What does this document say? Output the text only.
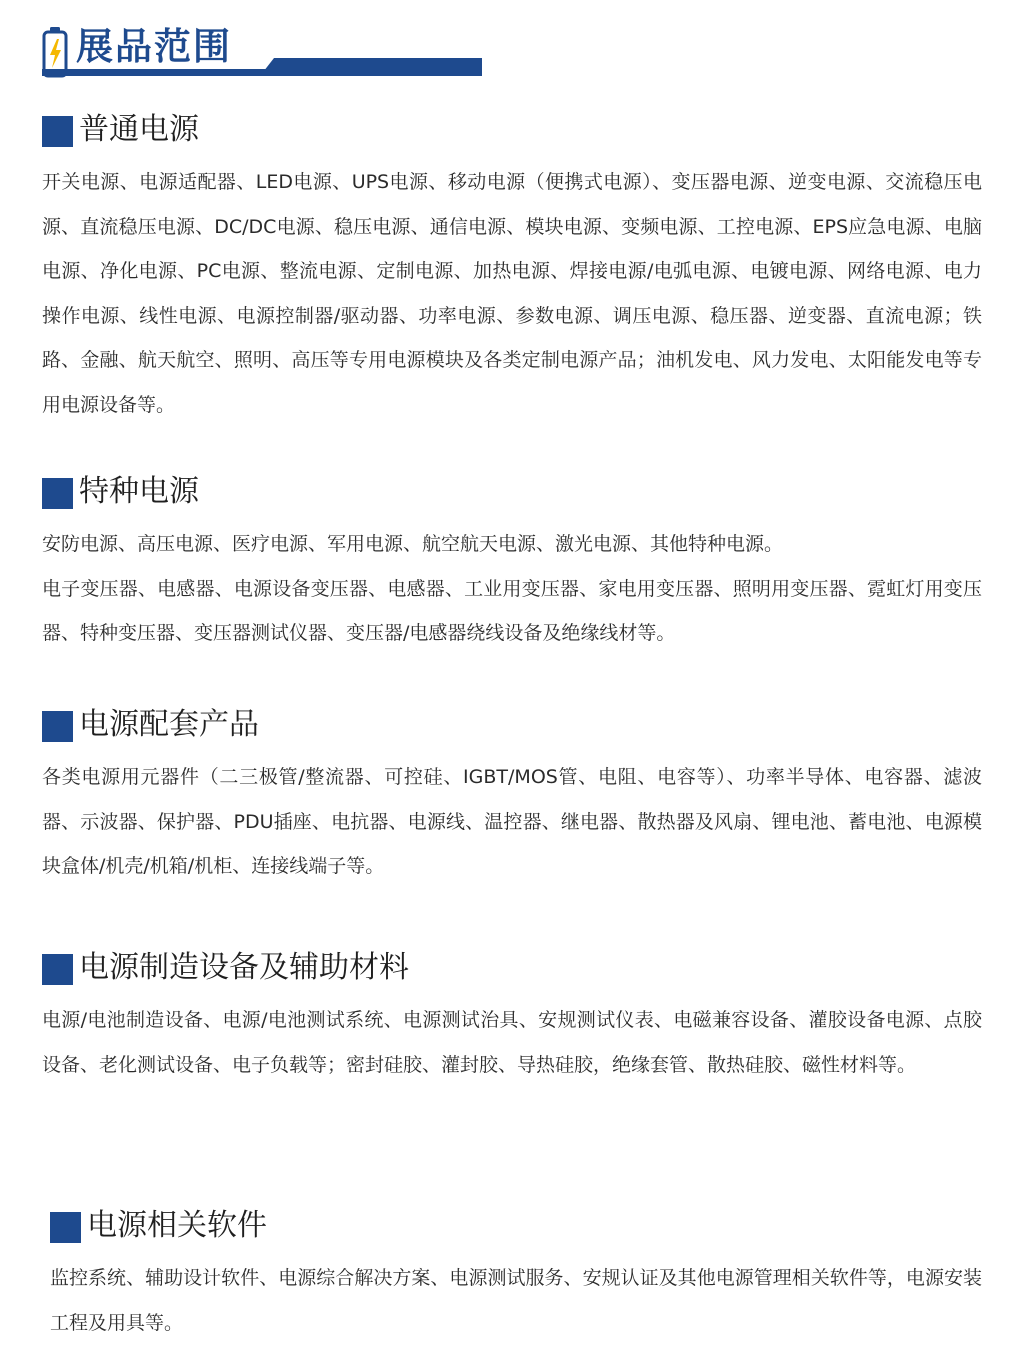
展品范围
普通电源

开关电源、电源适配器、LED电源、UPS电源、移动电源（便携式电源）、变压器电源、逆变电源、交流稳压电源、直流稳压电源、DC/DC电源、稳压电源、通信电源、模块电源、变频电源、工控电源、EPS应急电源、电脑电源、净化电源、PC电源、整流电源、定制电源、加热电源、焊接电源/电弧电源、电镀电源、网络电源、电力操作电源、线性电源、电源控制器/驱动器、功率电源、参数电源、调压电源、稳压器、逆变器、直流电源；铁路、金融、航天航空、照明、高压等专用电源模块及各类定制电源产品；油机发电、风力发电、太阳能发电等专用电源设备等。

特种电源

安防电源、高压电源、医疗电源、军用电源、航空航天电源、激光电源、其他特种电源。

电子变压器、电感器、电源设备变压器、电感器、工业用变压器、家电用变压器、照明用变压器、霓虹灯用变压器、特种变压器、变压器测试仪器、变压器/电感器绕线设备及绝缘线材等。

电源配套产品

各类电源用元器件（二三极管/整流器、可控硅、IGBT/MOS管、电阻、电容等）、功率半导体、电容器、滤波器、示波器、保护器、PDU插座、电抗器、电源线、温控器、继电器、散热器及风扇、锂电池、蓄电池、电源模块盒体/机壳/机箱/机柜、连接线端子等。

电源制造设备及辅助材料

电源/电池制造设备、电源/电池测试系统、电源测试治具、安规测试仪表、电磁兼容设备、灌胶设备电源、点胶设备、老化测试设备、电子负载等；密封硅胶、灌封胶、导热硅胶，绝缘套管、散热硅胶、磁性材料等。

电源相关软件

监控系统、辅助设计软件、电源综合解决方案、电源测试服务、安规认证及其他电源管理相关软件等，电源安装工程及用具等。
